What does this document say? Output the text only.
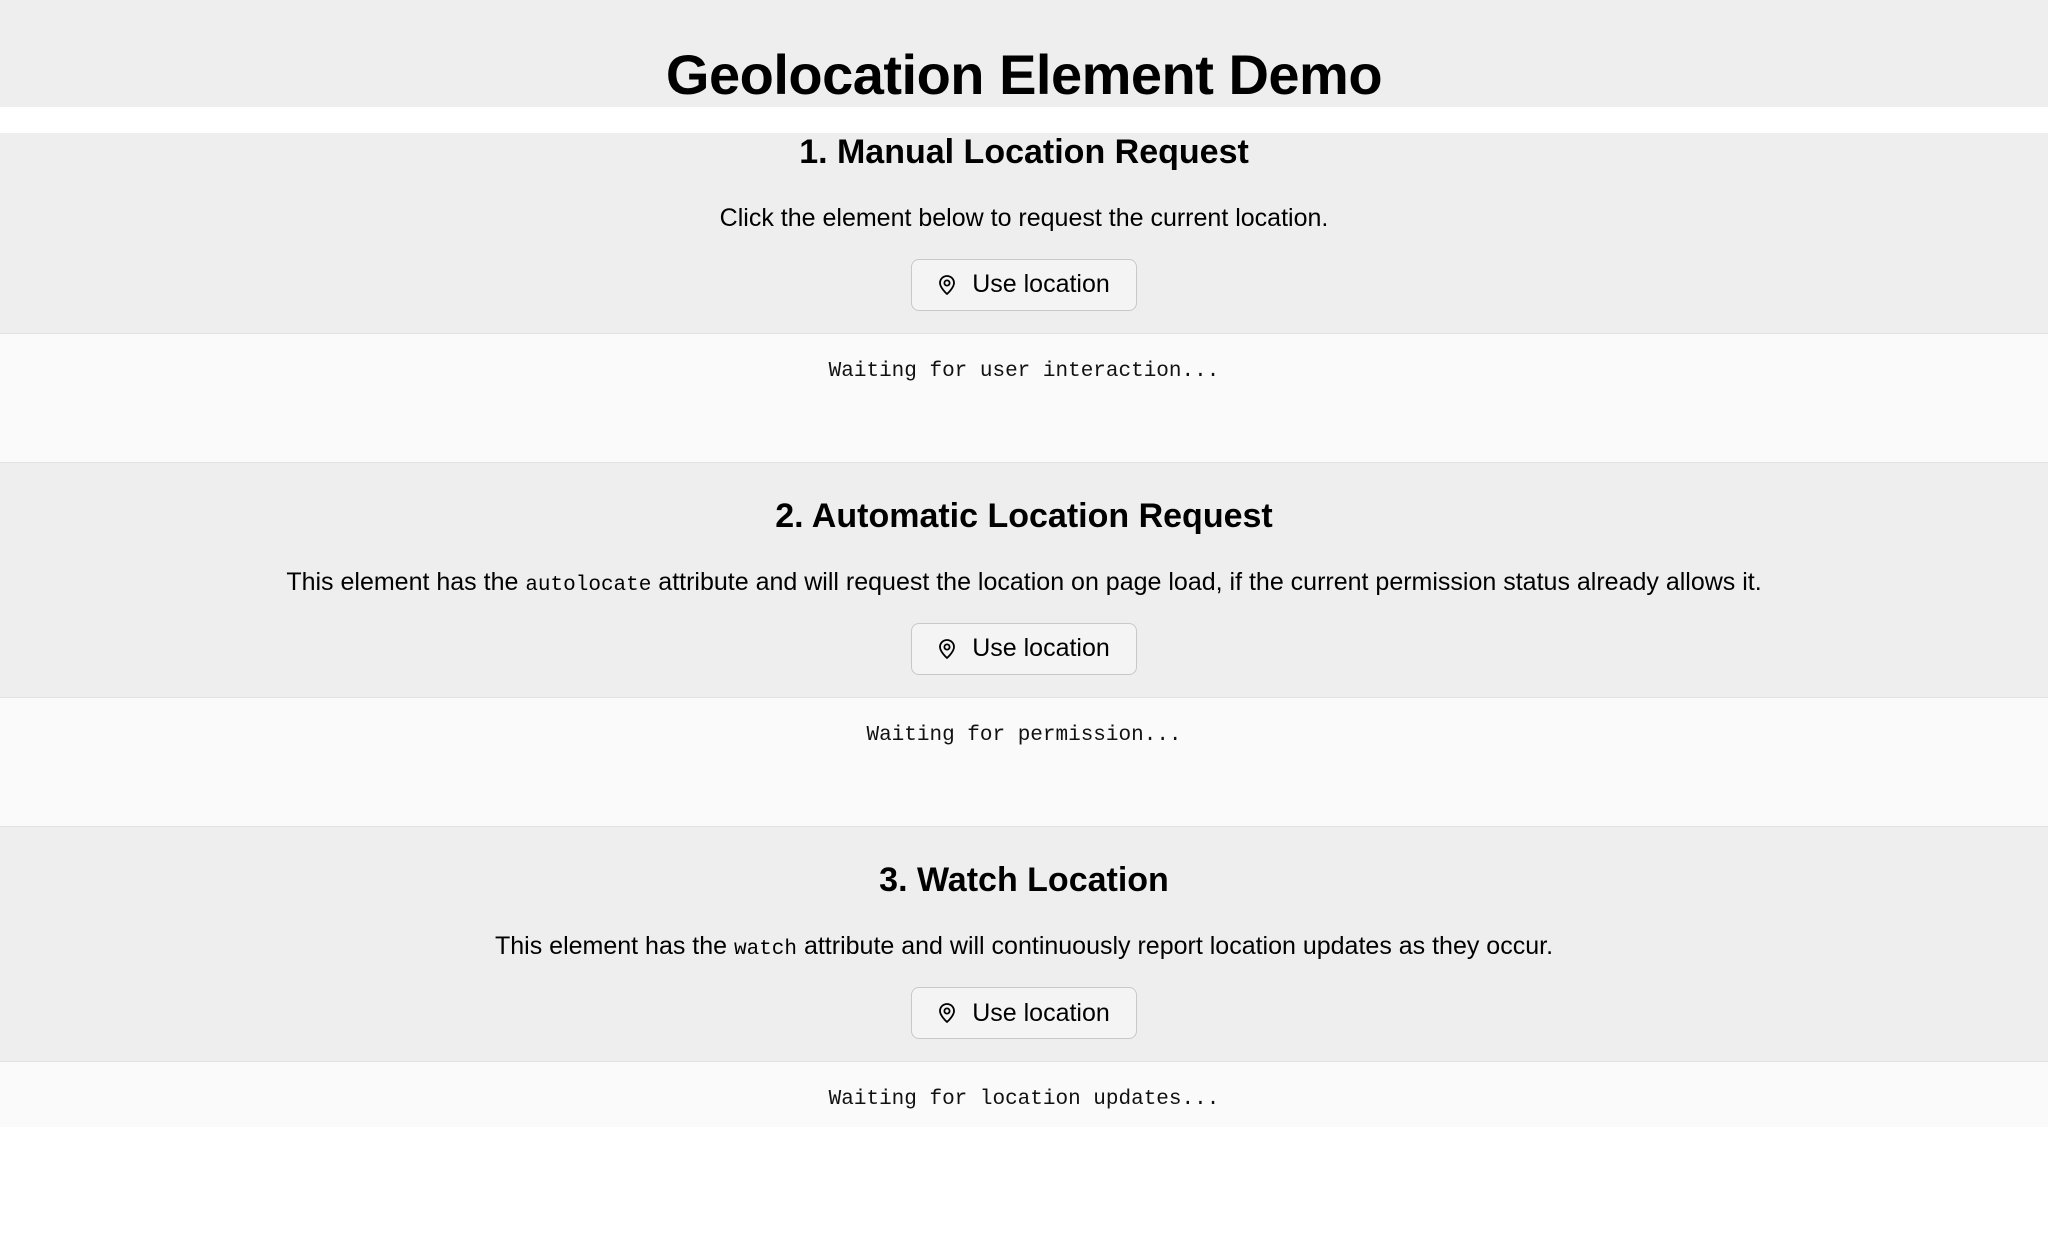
Geolocation Element Demo
1. Manual Location Request

Click the element below to request the current location.

Use location
Waiting for user interaction...
2. Automatic Location Request

This element has the autolocate attribute and will request the location on page load, if the current permission status already allows it.

Use location
Waiting for permission...
3. Watch Location

This element has the watch attribute and will continuously report location updates as they occur.

Use location
Waiting for location updates...
